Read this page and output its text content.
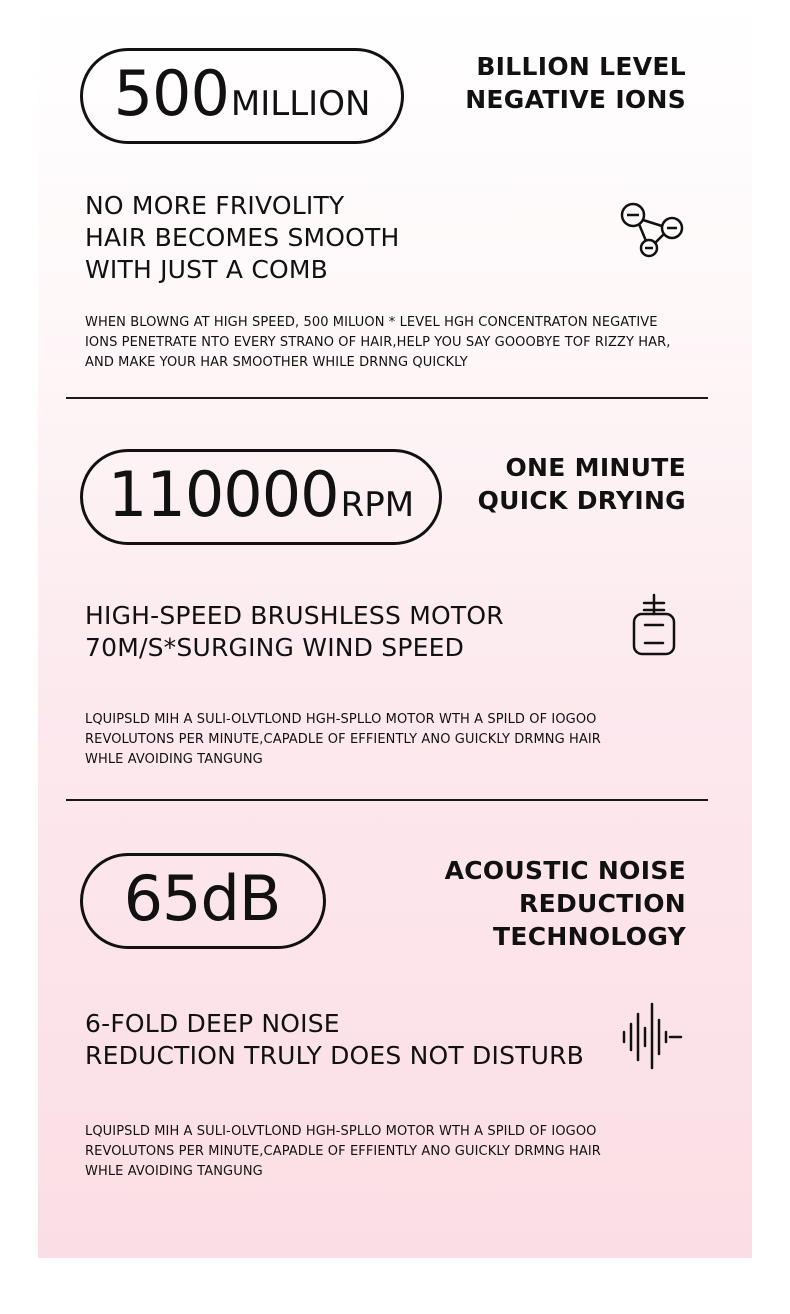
500 MILLION
BILLION LEVEL
NEGATIVE IONS
NO MORE FRIVOLITY
HAIR BECOMES SMOOTH
WITH JUST A COMB
WHEN BLOWNG AT HIGH SPEED, 500 MILUON * LEVEL HGH CONCENTRATON NEGATIVE
IONS PENETRATE NTO EVERY STRANO OF HAIR,HELP YOU SAY GOOOBYE TOF RIZZY HAR,
AND MAKE YOUR HAR SMOOTHER WHILE DRNNG QUICKLY
110000 RPM
ONE MINUTE
QUICK DRYING
HIGH-SPEED BRUSHLESS MOTOR
70M/S*SURGING WIND SPEED
LQUIPSLD MIH A SULI-OLVTLOND HGH-SPLLO MOTOR WTH A SPILD OF IOGOO
REVOLUTONS PER MINUTE,CAPADLE OF EFFIENTLY ANO GUICKLY DRMNG HAIR
WHLE AVOIDING TANGUNG
65dB	ACOUSTIC NOISE
REDUCTION
TECHNOLOGY
6-FOLD DEEP NOISE
REDUCTION TRULY DOES NOT DISTURB
LQUIPSLD MIH A SULI-OLVTLOND HGH-SPLLO MOTOR WTH A SPILD OF IOGOO
REVOLUTONS PER MINUTE,CAPADLE OF EFFIENTLY ANO GUICKLY DRMNG HAIR
WHLE AVOIDING TANGUNG
